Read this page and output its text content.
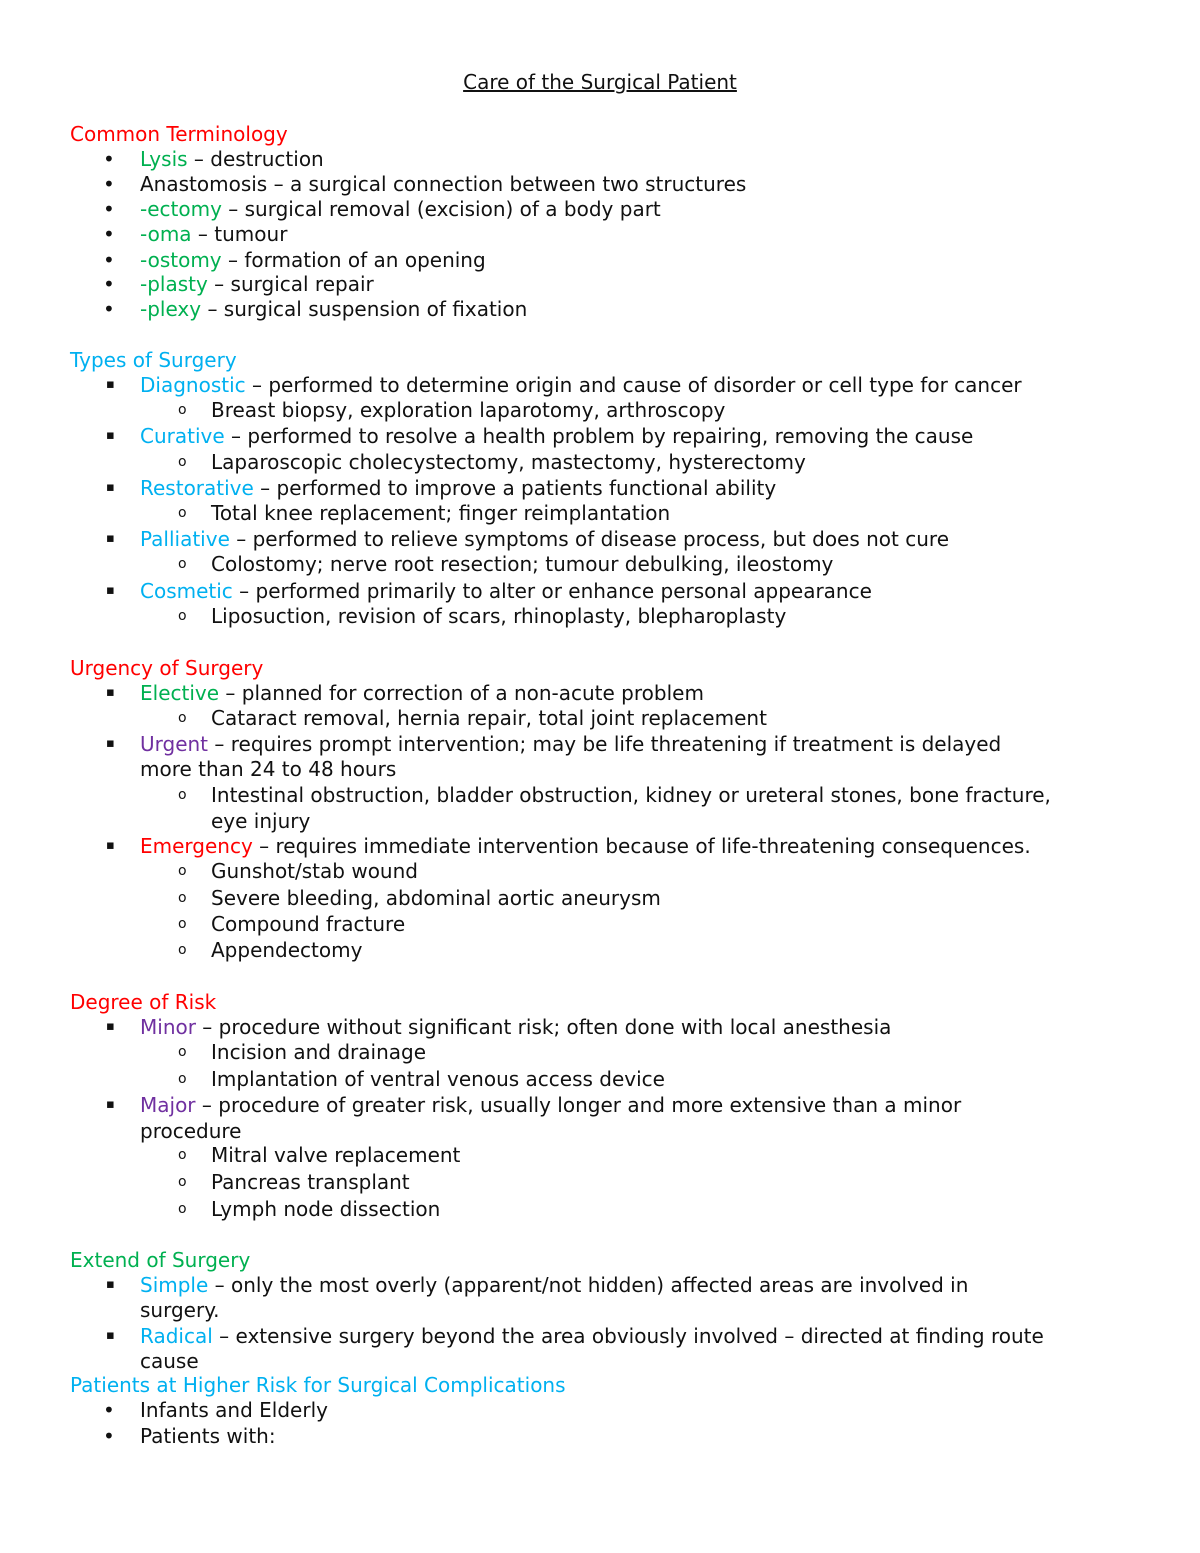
Care of the Surgical Patient
Common Terminology
• Lysis – destruction
• Anastomosis – a surgical connection between two structures
• -ectomy – surgical removal (excision) of a body part
• -oma – tumour
• -ostomy – formation of an opening
• -plasty – surgical repair
• -plexy – surgical suspension of fixation
Types of Surgery
▪ Diagnostic – performed to determine origin and cause of disorder or cell type for cancer
o Breast biopsy, exploration laparotomy, arthroscopy
▪ Curative – performed to resolve a health problem by repairing, removing the cause
o Laparoscopic cholecystectomy, mastectomy, hysterectomy
▪ Restorative – performed to improve a patients functional ability
o Total knee replacement; finger reimplantation
▪ Palliative – performed to relieve symptoms of disease process, but does not cure
o Colostomy; nerve root resection; tumour debulking, ileostomy
▪ Cosmetic – performed primarily to alter or enhance personal appearance
o Liposuction, revision of scars, rhinoplasty, blepharoplasty
Urgency of Surgery
▪ Elective – planned for correction of a non-acute problem
o Cataract removal, hernia repair, total joint replacement
▪ Urgent – requires prompt intervention; may be life threatening if treatment is delayed
more than 24 to 48 hours
o Intestinal obstruction, bladder obstruction, kidney or ureteral stones, bone fracture,
eye injury
▪ Emergency – requires immediate intervention because of life-threatening consequences.
o Gunshot/stab wound
o Severe bleeding, abdominal aortic aneurysm
o Compound fracture
o Appendectomy
Degree of Risk
▪ Minor – procedure without significant risk; often done with local anesthesia
o Incision and drainage
o Implantation of ventral venous access device
▪ Major – procedure of greater risk, usually longer and more extensive than a minor
procedure
o Mitral valve replacement
o Pancreas transplant
o Lymph node dissection
Extend of Surgery
▪ Simple – only the most overly (apparent/not hidden) affected areas are involved in
surgery.
▪ Radical – extensive surgery beyond the area obviously involved – directed at finding route
cause
Patients at Higher Risk for Surgical Complications
• Infants and Elderly
• Patients with:
